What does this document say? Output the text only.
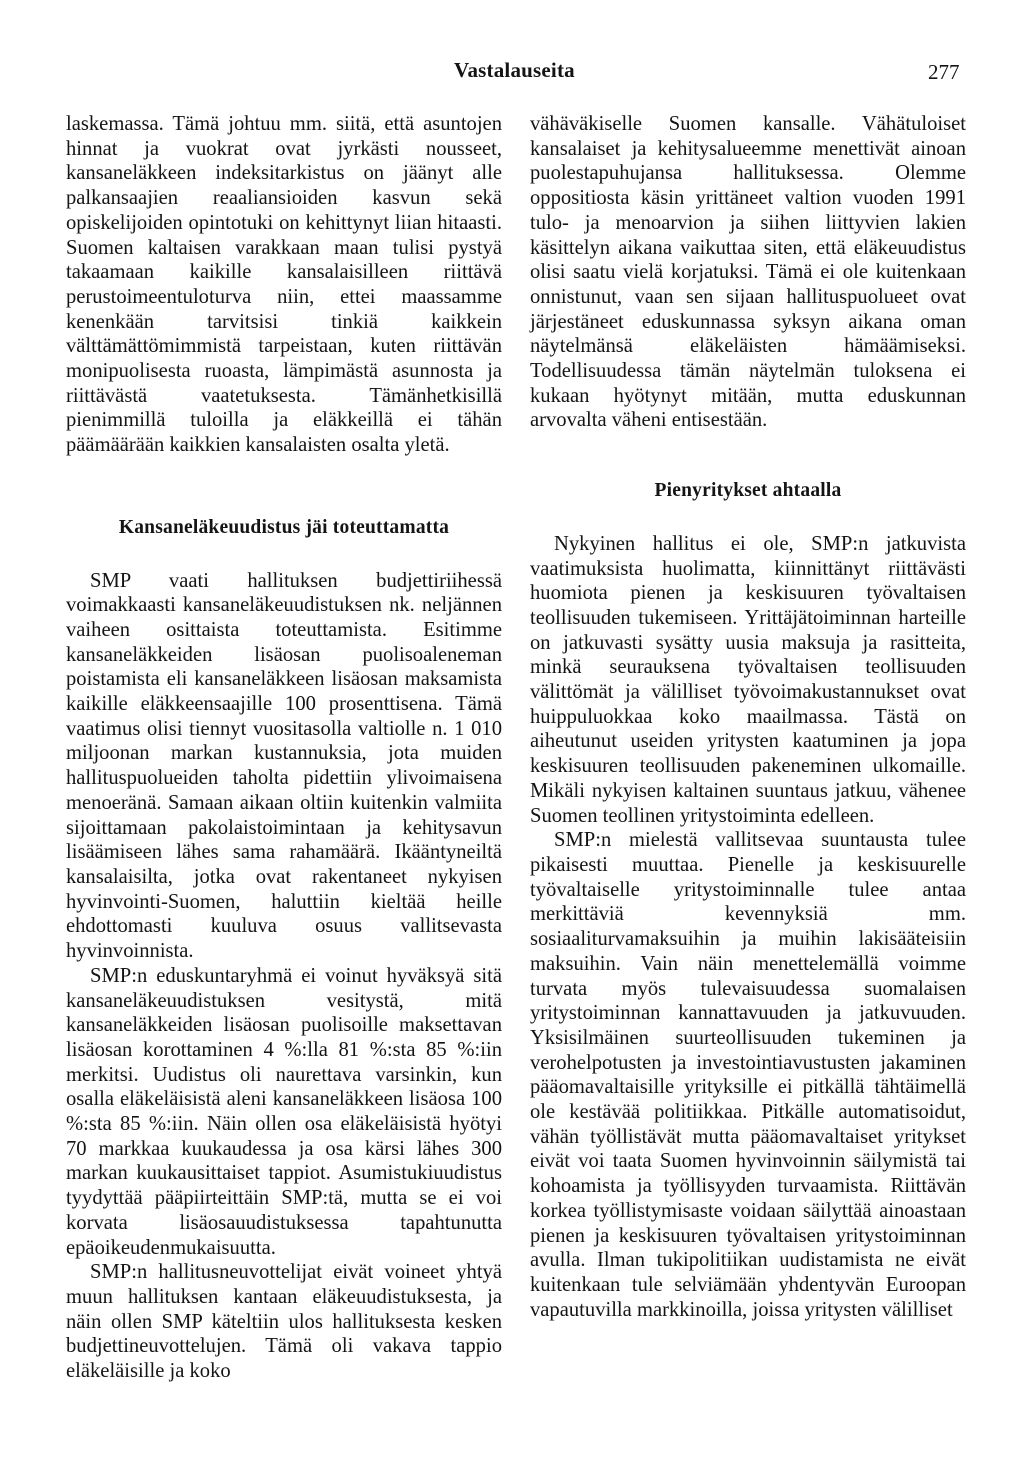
Vastalauseita	277

laskemassa. Tämä johtuu mm. siitä, että asuntojen hinnat ja vuokrat ovat jyrkästi nousseet, kansaneläkkeen indeksitarkistus on jäänyt alle palkansaajien reaaliansioiden kasvun sekä opiskelijoiden opintotuki on kehittynyt liian hitaasti. Suomen kaltaisen varakkaan maan tulisi pystyä takaamaan kaikille kansalaisilleen riittävä perustoimeentuloturva niin, ettei maassamme kenenkään tarvitsisi tinkiä kaikkein välttämättömimmistä tarpeistaan, kuten riittävän monipuolisesta ruoasta, lämpimästä asunnosta ja riittävästä vaatetuksesta. Tämänhetkisillä pienimmillä tuloilla ja eläkkeillä ei tähän päämäärään kaikkien kansalaisten osalta yletä.

Kansaneläkeuudistus jäi toteuttamatta

SMP vaati hallituksen budjettiriihessä voimakkaasti kansaneläkeuudistuksen nk. neljännen vaiheen osittaista toteuttamista. Esitimme kansaneläkkeiden lisäosan puolisoaleneman poistamista eli kansaneläkkeen lisäosan maksamista kaikille eläkkeensaajille 100 prosenttisena. Tämä vaatimus olisi tiennyt vuositasolla valtiolle n. 1 010 miljoonan markan kustannuksia, jota muiden hallituspuolueiden taholta pidettiin ylivoimaisena menoeränä. Samaan aikaan oltiin kuitenkin valmiita sijoittamaan pakolaistoimintaan ja kehitysavun lisäämiseen lähes sama rahamäärä. Ikääntyneiltä kansalaisilta, jotka ovat rakentaneet nykyisen hyvinvointi-Suomen, haluttiin kieltää heille ehdottomasti kuuluva osuus vallitsevasta hyvinvoinnista.

SMP:n eduskuntaryhmä ei voinut hyväksyä sitä kansaneläkeuudistuksen vesitystä, mitä kansaneläkkeiden lisäosan puolisoille maksettavan lisäosan korottaminen 4 %:lla 81 %:sta 85 %:iin merkitsi. Uudistus oli naurettava varsinkin, kun osalla eläkeläisistä aleni kansaneläkkeen lisäosa 100 %:sta 85 %:iin. Näin ollen osa eläkeläisistä hyötyi 70 markkaa kuukaudessa ja osa kärsi lähes 300 markan kuukausittaiset tappiot. Asumistukiuudistus tyydyttää pääpiirteittäin SMP:tä, mutta se ei voi korvata lisäosauudistuksessa tapahtunutta epäoikeudenmukaisuutta.

SMP:n hallitusneuvottelijat eivät voineet yhtyä muun hallituksen kantaan eläkeuudistuksesta, ja näin ollen SMP käteltiin ulos hallituksesta kesken budjettineuvottelujen. Tämä oli vakava tappio eläkeläisille ja koko

vähäväkiselle Suomen kansalle. Vähätuloiset kansalaiset ja kehitysalueemme menettivät ainoan puolestapuhujansa hallituksessa. Olemme oppositiosta käsin yrittäneet valtion vuoden 1991 tulo- ja menoarvion ja siihen liittyvien lakien käsittelyn aikana vaikuttaa siten, että eläkeuudistus olisi saatu vielä korjatuksi. Tämä ei ole kuitenkaan onnistunut, vaan sen sijaan hallituspuolueet ovat järjestäneet eduskunnassa syksyn aikana oman näytelmänsä eläkeläisten hämäämiseksi. Todellisuudessa tämän näytelmän tuloksena ei kukaan hyötynyt mitään, mutta eduskunnan arvovalta väheni entisestään.

Pienyritykset ahtaalla

Nykyinen hallitus ei ole, SMP:n jatkuvista vaatimuksista huolimatta, kiinnittänyt riittävästi huomiota pienen ja keskisuuren työvaltaisen teollisuuden tukemiseen. Yrittäjätoiminnan harteille on jatkuvasti sysätty uusia maksuja ja rasitteita, minkä seurauksena työvaltaisen teollisuuden välittömät ja välilliset työvoimakustannukset ovat huippuluokkaa koko maailmassa. Tästä on aiheutunut useiden yritysten kaatuminen ja jopa keskisuuren teollisuuden pakeneminen ulkomaille. Mikäli nykyisen kaltainen suuntaus jatkuu, vähenee Suomen teollinen yritystoiminta edelleen.

SMP:n mielestä vallitsevaa suuntausta tulee pikaisesti muuttaa. Pienelle ja keskisuurelle työvaltaiselle yritystoiminnalle tulee antaa merkittäviä kevennyksiä mm. sosiaaliturvamaksuihin ja muihin lakisääteisiin maksuihin. Vain näin menettelemällä voimme turvata myös tulevaisuudessa suomalaisen yritystoiminnan kannattavuuden ja jatkuvuuden. Yksisilmäinen suurteollisuuden tukeminen ja verohelpotusten ja investointiavustusten jakaminen pääomavaltaisille yrityksille ei pitkällä tähtäimellä ole kestävää politiikkaa. Pitkälle automatisoidut, vähän työllistävät mutta pääomavaltaiset yritykset eivät voi taata Suomen hyvinvoinnin säilymistä tai kohoamista ja työllisyyden turvaamista. Riittävän korkea työllistymisaste voidaan säilyttää ainoastaan pienen ja keskisuuren työvaltaisen yritystoiminnan avulla. Ilman tukipolitiikan uudistamista ne eivät kuitenkaan tule selviämään yhdentyvän Euroopan vapautuvilla markkinoilla, joissa yritysten välilliset
